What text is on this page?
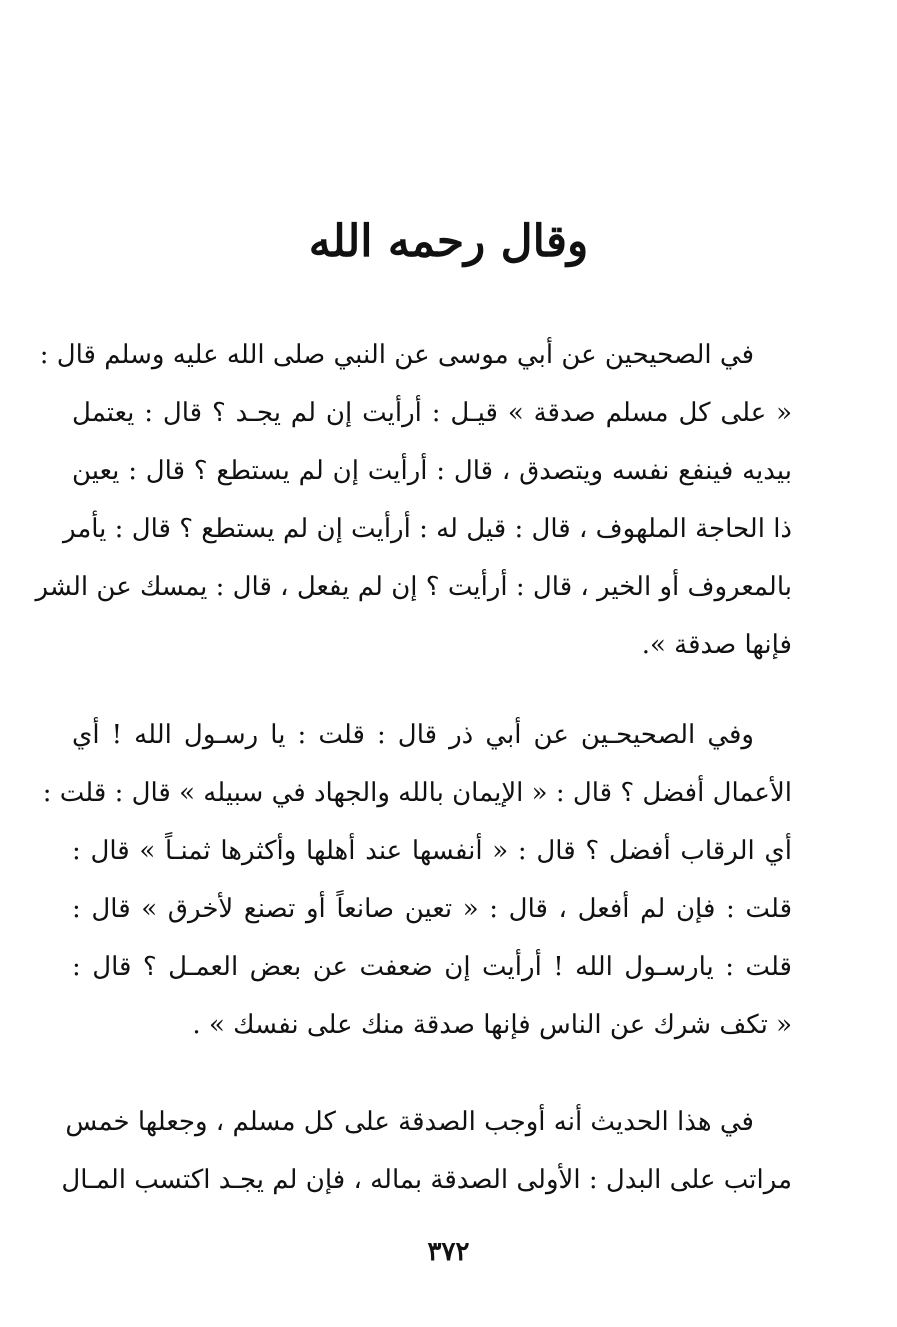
وقال رحمه الله
في الصحيحين عن أبي موسى عن النبي صلى الله عليه وسلم قال :
« على كل مسلم صدقة » قيـل : أرأيت إن لم يجـد ؟ قال : يعتمل
بيديه فينفع نفسه ويتصدق ، قال : أرأيت إن لم يستطع ؟ قال : يعين
ذا الحاجة الملهوف ، قال : قيل له : أرأيت إن لم يستطع ؟ قال : يأمر
بالمعروف أو الخير ، قال : أرأيت ؟ إن لم يفعل ، قال : يمسك عن الشر
فإنها صدقة ».
وفي الصحيحـين عن أبي ذر قال : قلت : يا رسـول الله ! أي
الأعمال أفضل ؟ قال : « الإيمان بالله والجهاد في سبيله » قال : قلت :
أي الرقاب أفضل ؟ قال : « أنفسها عند أهلها وأكثرها ثمنـاً » قال :
قلت : فإن لم أفعل ، قال : « تعين صانعاً أو تصنع لأخرق » قال :
قلت : يارسـول الله ! أرأيت إن ضعفت عن بعض العمـل ؟ قال :
« تكف شرك عن الناس فإنها صدقة منك على نفسك » .
في هذا الحديث أنه أوجب الصدقة على كل مسلم ، وجعلها خمس
مراتب على البدل : الأولى الصدقة بماله ، فإن لم يجـد اكتسب المـال
٣٧٢
